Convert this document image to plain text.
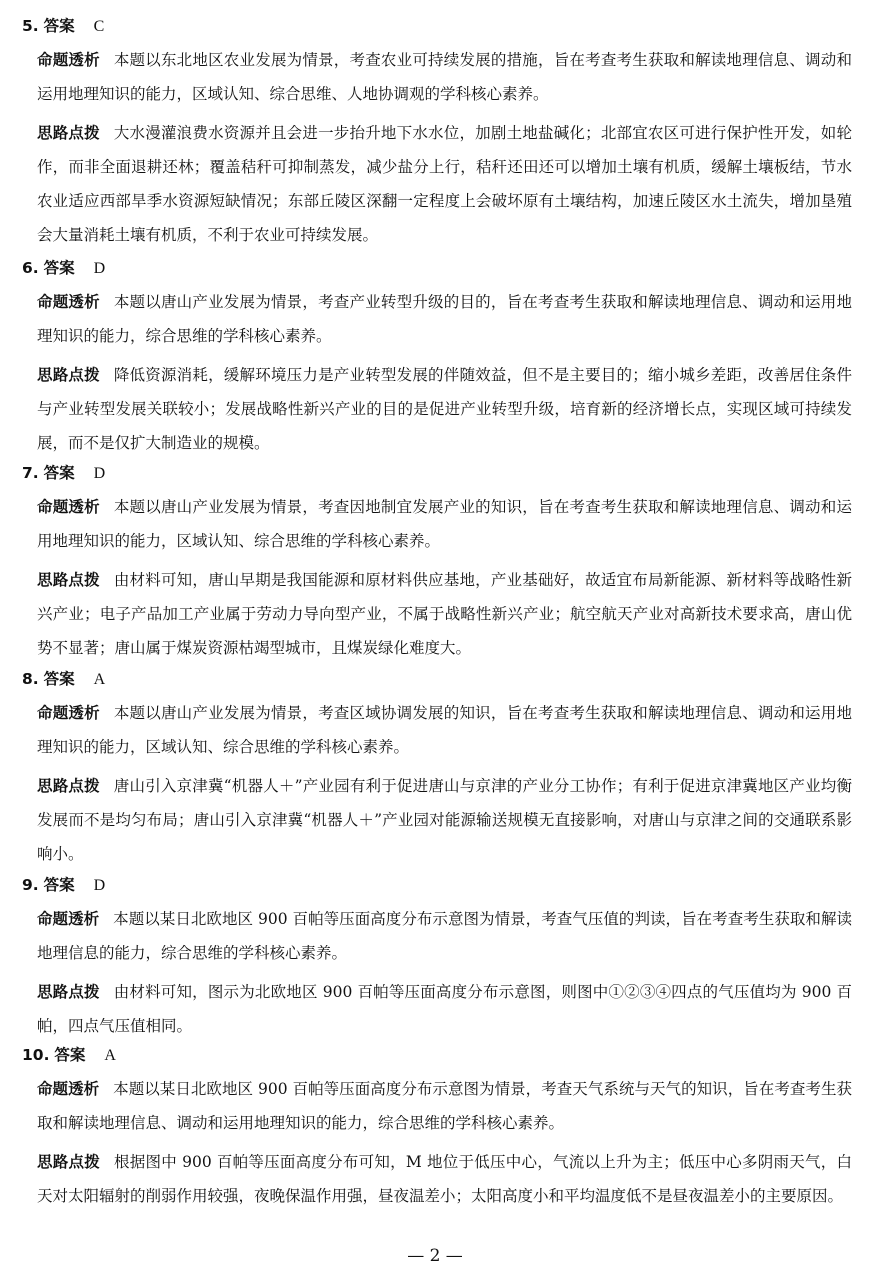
5. 答案 C
命题透析 本题以东北地区农业发展为情景，考查农业可持续发展的措施，旨在考查考生获取和解读地理信息、调动和运用地理知识的能力，区域认知、综合思维、人地协调观的学科核心素养。
思路点拨 大水漫灌浪费水资源并且会进一步抬升地下水水位，加剧土地盐碱化；北部宜农区可进行保护性开发，如轮作，而非全面退耕还林；覆盖秸秆可抑制蒸发，减少盐分上行，秸秆还田还可以增加土壤有机质，缓解土壤板结，节水农业适应西部旱季水资源短缺情况；东部丘陵区深翻一定程度上会破坏原有土壤结构，加速丘陵区水土流失，增加垦殖会大量消耗土壤有机质，不利于农业可持续发展。
6. 答案 D
命题透析 本题以唐山产业发展为情景，考查产业转型升级的目的，旨在考查考生获取和解读地理信息、调动和运用地理知识的能力，综合思维的学科核心素养。
思路点拨 降低资源消耗，缓解环境压力是产业转型发展的伴随效益，但不是主要目的；缩小城乡差距，改善居住条件与产业转型发展关联较小；发展战略性新兴产业的目的是促进产业转型升级，培育新的经济增长点，实现区域可持续发展，而不是仅扩大制造业的规模。
7. 答案 D
命题透析 本题以唐山产业发展为情景，考查因地制宜发展产业的知识，旨在考查考生获取和解读地理信息、调动和运用地理知识的能力，区域认知、综合思维的学科核心素养。
思路点拨 由材料可知，唐山早期是我国能源和原材料供应基地，产业基础好，故适宜布局新能源、新材料等战略性新兴产业；电子产品加工产业属于劳动力导向型产业，不属于战略性新兴产业；航空航天产业对高新技术要求高，唐山优势不显著；唐山属于煤炭资源枯竭型城市，且煤炭绿化难度大。
8. 答案 A
命题透析 本题以唐山产业发展为情景，考查区域协调发展的知识，旨在考查考生获取和解读地理信息、调动和运用地理知识的能力，区域认知、综合思维的学科核心素养。
思路点拨 唐山引入京津冀“机器人＋”产业园有利于促进唐山与京津的产业分工协作；有利于促进京津冀地区产业均衡发展而不是均匀布局；唐山引入京津冀“机器人＋”产业园对能源输送规模无直接影响，对唐山与京津之间的交通联系影响小。
9. 答案 D
命题透析 本题以某日北欧地区 900 百帕等压面高度分布示意图为情景，考查气压值的判读，旨在考查考生获取和解读地理信息的能力，综合思维的学科核心素养。
思路点拨 由材料可知，图示为北欧地区 900 百帕等压面高度分布示意图，则图中①②③④四点的气压值均为 900 百帕，四点气压值相同。
10. 答案 A
命题透析 本题以某日北欧地区 900 百帕等压面高度分布示意图为情景，考查天气系统与天气的知识，旨在考查考生获取和解读地理信息、调动和运用地理知识的能力，综合思维的学科核心素养。
思路点拨 根据图中 900 百帕等压面高度分布可知，M 地位于低压中心，气流以上升为主；低压中心多阴雨天气，白天对太阳辐射的削弱作用较强，夜晚保温作用强，昼夜温差小；太阳高度小和平均温度低不是昼夜温差小的主要原因。
— 2 —
